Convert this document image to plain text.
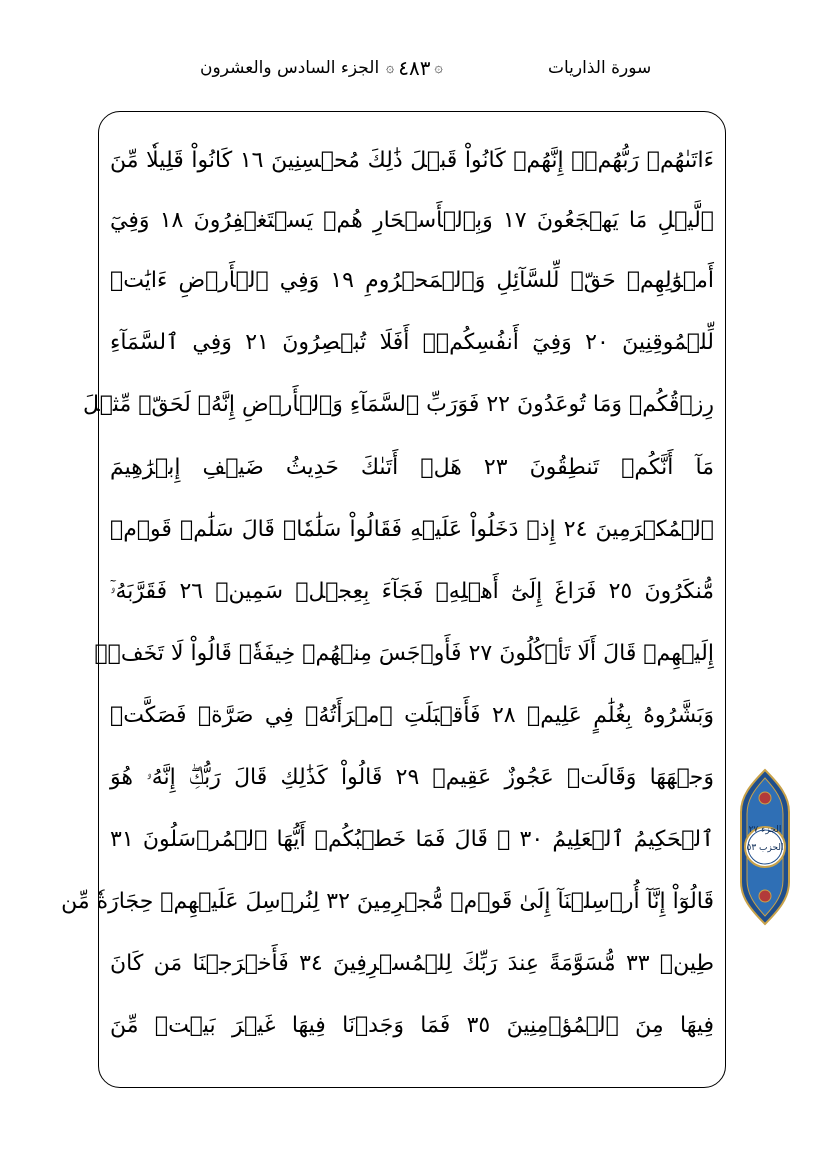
الجزء السادس والعشرون ۞ ٤٨٣ ۞	سورة الذاريات
ءَاتَىٰهُمۡ رَبُّهُمۡۚ إِنَّهُمۡ كَانُواْ قَبۡلَ ذَٰلِكَ مُحۡسِنِينَ ١٦ كَانُواْ قَلِيلٗا مِّنَ
ٱلَّيۡلِ مَا يَهۡجَعُونَ ١٧ وَبِٱلۡأَسۡحَارِ هُمۡ يَسۡتَغۡفِرُونَ ١٨ وَفِيٓ
أَمۡوَٰلِهِمۡ حَقّٞ لِّلسَّآئِلِ وَٱلۡمَحۡرُومِ ١٩ وَفِي ٱلۡأَرۡضِ ءَايَٰتٞ
لِّلۡمُوقِنِينَ ٢٠ وَفِيٓ أَنفُسِكُمۡۚ أَفَلَا تُبۡصِرُونَ ٢١ وَفِي ٱلسَّمَآءِ
رِزۡقُكُمۡ وَمَا تُوعَدُونَ ٢٢ فَوَرَبِّ ٱلسَّمَآءِ وَٱلۡأَرۡضِ إِنَّهُۥ لَحَقّٞ مِّثۡلَ
مَآ أَنَّكُمۡ تَنطِقُونَ ٢٣ هَلۡ أَتَىٰكَ حَدِيثُ ضَيۡفِ إِبۡرَٰهِيمَ
ٱلۡمُكۡرَمِينَ ٢٤ إِذۡ دَخَلُواْ عَلَيۡهِ فَقَالُواْ سَلَٰمٗاۖ قَالَ سَلَٰمٞ قَوۡمٞ
مُّنكَرُونَ ٢٥ فَرَاغَ إِلَىٰٓ أَهۡلِهِۦ فَجَآءَ بِعِجۡلٖ سَمِينٖ ٢٦ فَقَرَّبَهُۥٓ
إِلَيۡهِمۡ قَالَ أَلَا تَأۡكُلُونَ ٢٧ فَأَوۡجَسَ مِنۡهُمۡ خِيفَةٗۖ قَالُواْ لَا تَخَفۡۖ
وَبَشَّرُوهُ بِغُلَٰمٍ عَلِيمٖ ٢٨ فَأَقۡبَلَتِ ٱمۡرَأَتُهُۥ فِي صَرَّةٖ فَصَكَّتۡ
وَجۡهَهَا وَقَالَتۡ عَجُوزٌ عَقِيمٞ ٢٩ قَالُواْ كَذَٰلِكِ قَالَ رَبُّكِۖ إِنَّهُۥ هُوَ
ٱلۡحَكِيمُ ٱلۡعَلِيمُ ٣٠ ۞ قَالَ فَمَا خَطۡبُكُمۡ أَيُّهَا ٱلۡمُرۡسَلُونَ ٣١
قَالُوٓاْ إِنَّآ أُرۡسِلۡنَآ إِلَىٰ قَوۡمٖ مُّجۡرِمِينَ ٣٢ لِنُرۡسِلَ عَلَيۡهِمۡ حِجَارَةٗ مِّن
طِينٖ ٣٣ مُّسَوَّمَةً عِندَ رَبِّكَ لِلۡمُسۡرِفِينَ ٣٤ فَأَخۡرَجۡنَا مَن كَانَ
فِيهَا مِنَ ٱلۡمُؤۡمِنِينَ ٣٥ فَمَا وَجَدۡنَا فِيهَا غَيۡرَ بَيۡتٖ مِّنَ
الجزء ٢٧
الحزب ٥٣
